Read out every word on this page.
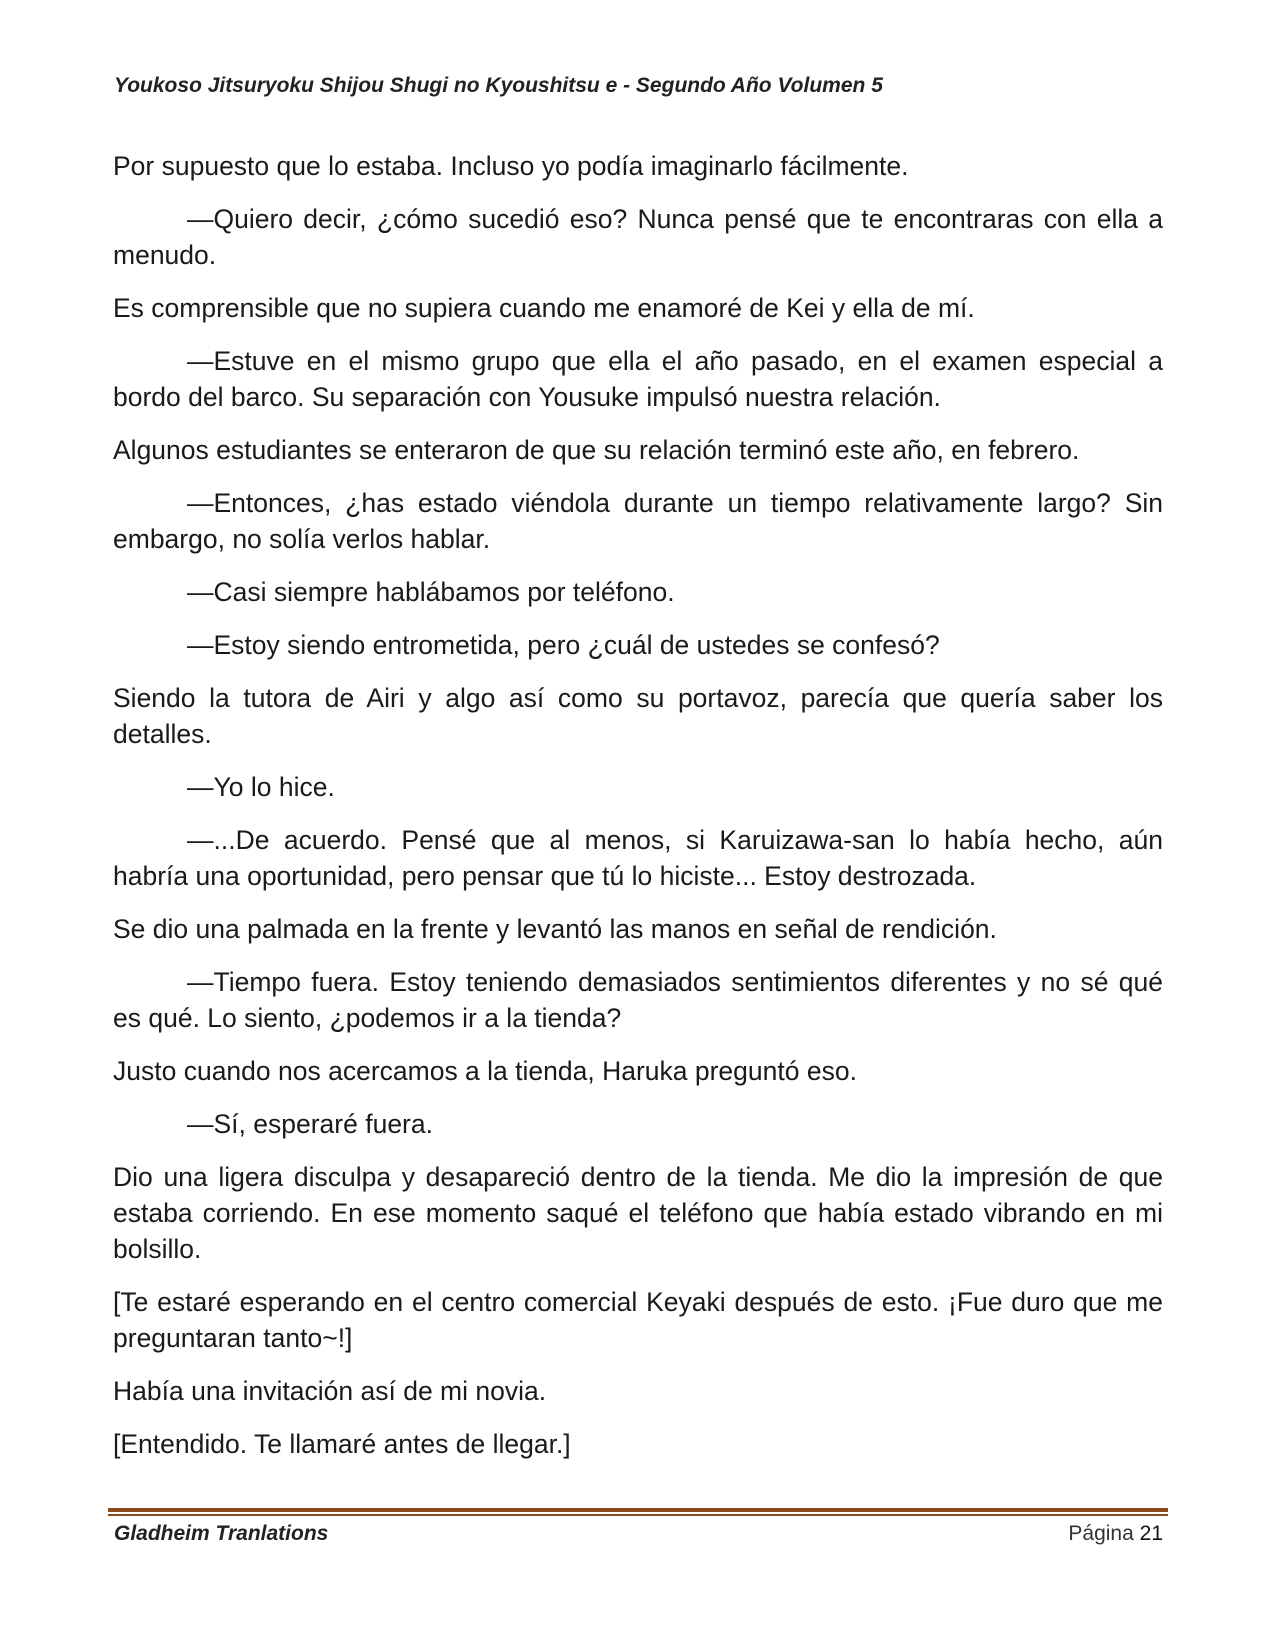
Youkoso Jitsuryoku Shijou Shugi no Kyoushitsu e - Segundo Año Volumen 5

Por supuesto que lo estaba. Incluso yo podía imaginarlo fácilmente.

—Quiero decir, ¿cómo sucedió eso? Nunca pensé que te encontraras con ella a menudo.

Es comprensible que no supiera cuando me enamoré de Kei y ella de mí.

—Estuve en el mismo grupo que ella el año pasado, en el examen especial a bordo del barco. Su separación con Yousuke impulsó nuestra relación.

Algunos estudiantes se enteraron de que su relación terminó este año, en febrero.

—Entonces, ¿has estado viéndola durante un tiempo relativamente largo? Sin embargo, no solía verlos hablar.

—Casi siempre hablábamos por teléfono.

—Estoy siendo entrometida, pero ¿cuál de ustedes se confesó?

Siendo la tutora de Airi y algo así como su portavoz, parecía que quería saber los detalles.

—Yo lo hice.

—...De acuerdo. Pensé que al menos, si Karuizawa-san lo había hecho, aún habría una oportunidad, pero pensar que tú lo hiciste... Estoy destrozada.

Se dio una palmada en la frente y levantó las manos en señal de rendición.

—Tiempo fuera. Estoy teniendo demasiados sentimientos diferentes y no sé qué es qué. Lo siento, ¿podemos ir a la tienda?

Justo cuando nos acercamos a la tienda, Haruka preguntó eso.

—Sí, esperaré fuera.

Dio una ligera disculpa y desapareció dentro de la tienda. Me dio la impresión de que estaba corriendo. En ese momento saqué el teléfono que había estado vibrando en mi bolsillo.

[Te estaré esperando en el centro comercial Keyaki después de esto. ¡Fue duro que me preguntaran tanto~!]

Había una invitación así de mi novia.

[Entendido. Te llamaré antes de llegar.]

Gladheim Tranlations	Página 21
